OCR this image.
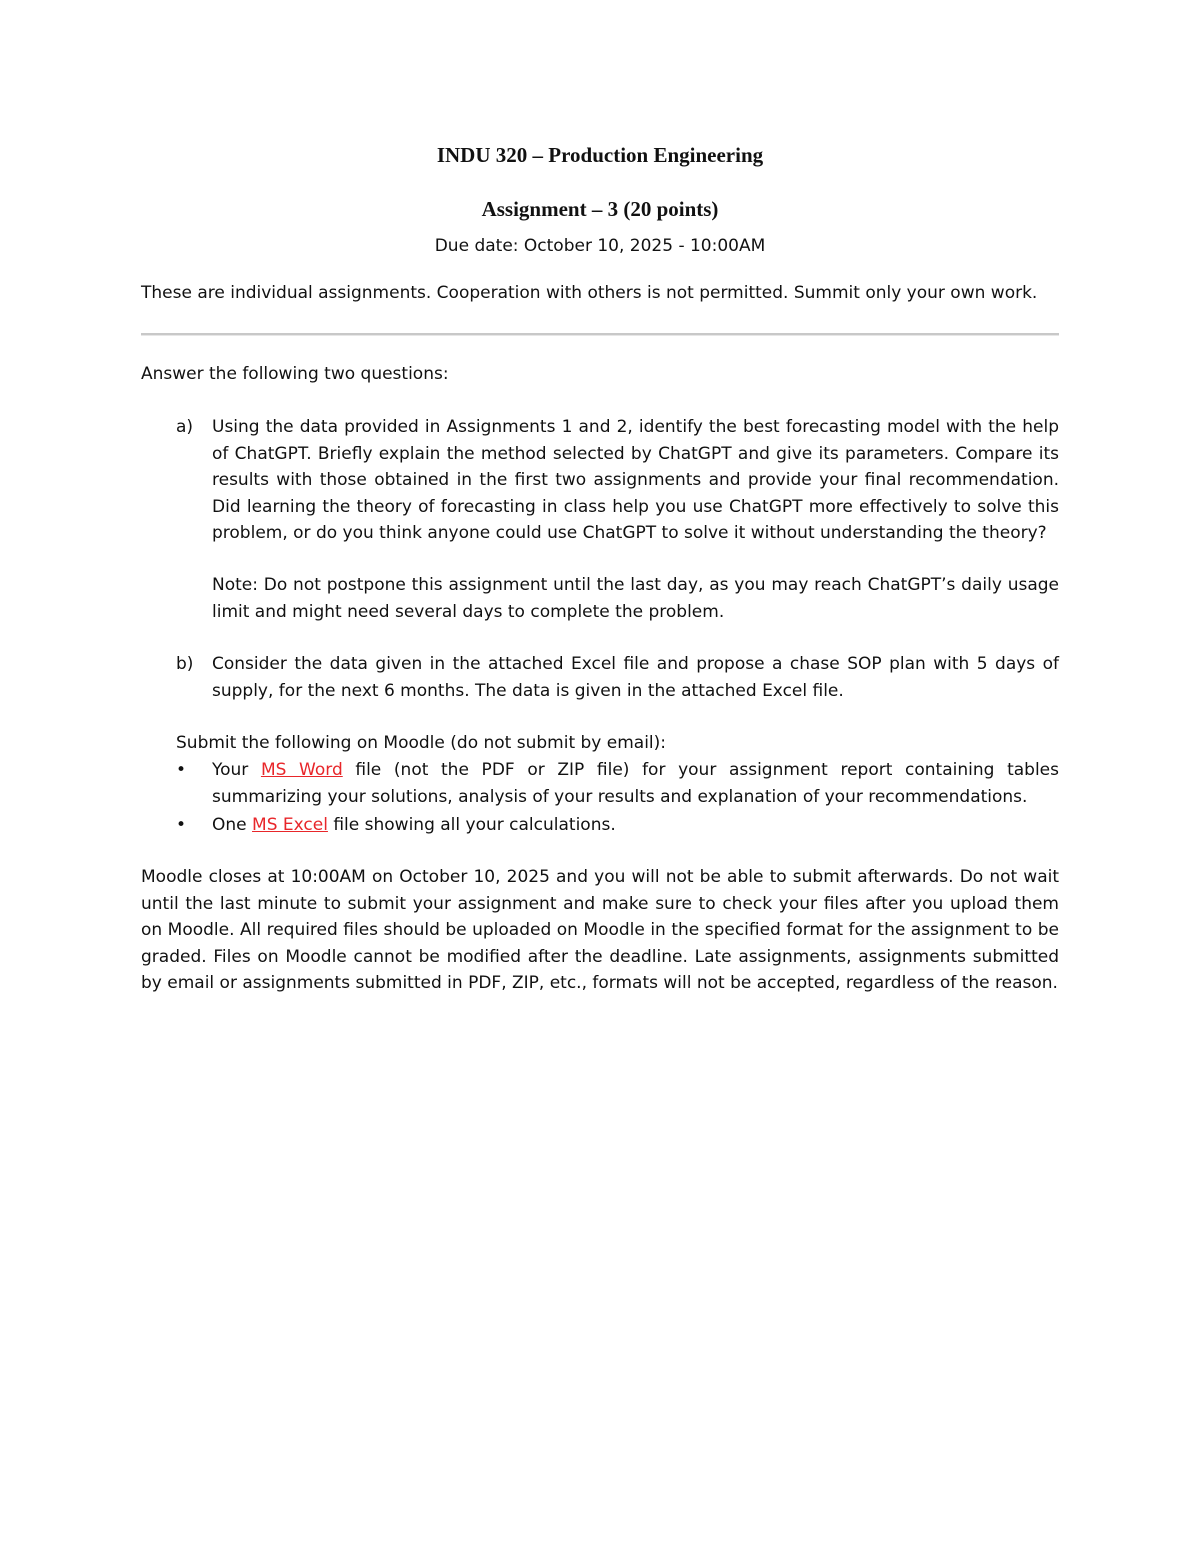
INDU 320 – Production Engineering
Assignment – 3 (20 points)
Due date: October 10, 2025 - 10:00AM
These are individual assignments. Cooperation with others is not permitted. Summit only your own work.
Answer the following two questions:
a) Using the data provided in Assignments 1 and 2, identify the best forecasting model with the help of ChatGPT. Briefly explain the method selected by ChatGPT and give its parameters. Compare its results with those obtained in the first two assignments and provide your final recommendation. Did learning the theory of forecasting in class help you use ChatGPT more effectively to solve this problem, or do you think anyone could use ChatGPT to solve it without understanding the theory?
Note: Do not postpone this assignment until the last day, as you may reach ChatGPT’s daily usage limit and might need several days to complete the problem.
b) Consider the data given in the attached Excel file and propose a chase SOP plan with 5 days of supply, for the next 6 months. The data is given in the attached Excel file.
Submit the following on Moodle (do not submit by email):
• Your MS Word file (not the PDF or ZIP file) for your assignment report containing tables summarizing your solutions, analysis of your results and explanation of your recommendations.
• One MS Excel file showing all your calculations.
Moodle closes at 10:00AM on October 10, 2025 and you will not be able to submit afterwards. Do not wait until the last minute to submit your assignment and make sure to check your files after you upload them on Moodle. All required files should be uploaded on Moodle in the specified format for the assignment to be graded. Files on Moodle cannot be modified after the deadline. Late assignments, assignments submitted by email or assignments submitted in PDF, ZIP, etc., formats will not be accepted, regardless of the reason.
